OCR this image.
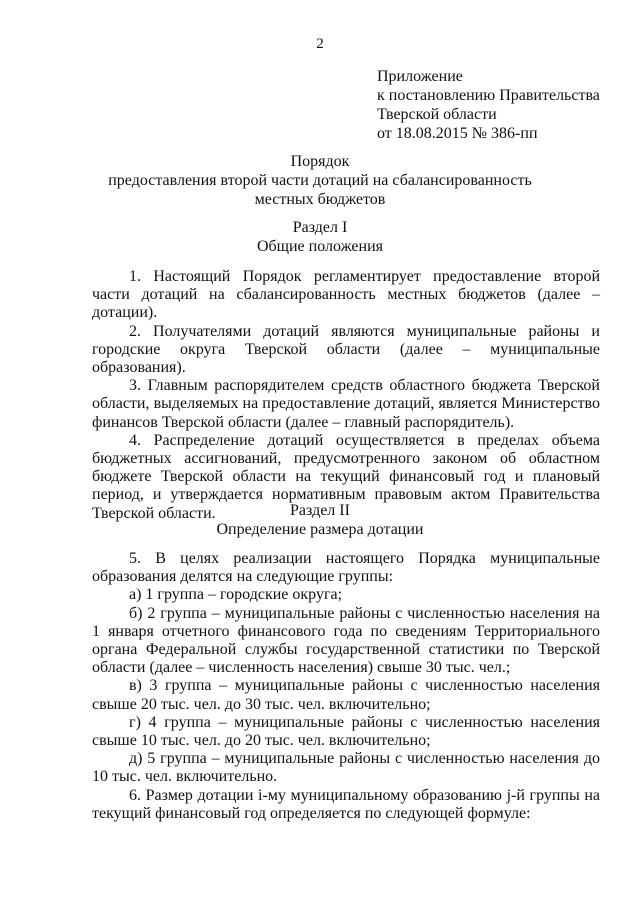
2
Приложение
к постановлению Правительства
Тверской области
от 18.08.2015 № 386-пп
Порядок
предоставления второй части дотаций на сбалансированность
местных бюджетов
Раздел I
Общие положения

1. Настоящий Порядок регламентирует предоставление второй части дотаций на сбалансированность местных бюджетов (далее – дотации).

2. Получателями дотаций являются муниципальные районы и городские округа Тверской области (далее – муниципальные образования).

3. Главным распорядителем средств областного бюджета Тверской области, выделяемых на предоставление дотаций, является Министерство финансов Тверской области (далее – главный распорядитель).

4. Распределение дотаций осуществляется в пределах объема бюджетных ассигнований, предусмотренного законом об областном бюджете Тверской области на текущий финансовый год и плановый период, и утверждается нормативным правовым актом Правительства Тверской области.	Раздел II
Определение размера дотации

5. В целях реализации настоящего Порядка муниципальные образования делятся на следующие группы:

а) 1 группа – городские округа;

б) 2 группа – муниципальные районы с численностью населения на 1 января отчетного финансового года по сведениям Территориального органа Федеральной службы государственной статистики по Тверской области (далее – численность населения) свыше 30 тыс. чел.;

в) 3 группа – муниципальные районы с численностью населения свыше 20 тыс. чел. до 30 тыс. чел. включительно;

г) 4 группа – муниципальные районы с численностью населения свыше 10 тыс. чел. до 20 тыс. чел. включительно;

д) 5 группа – муниципальные районы с численностью населения до 10 тыс. чел. включительно.

6. Размер дотации i-му муниципальному образованию j-й группы на текущий финансовый год определяется по следующей формуле:
